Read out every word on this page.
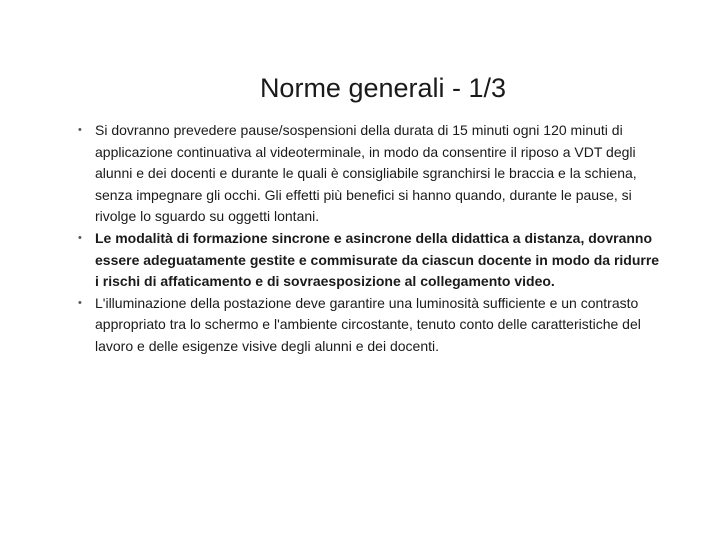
Norme generali - 1/3
• Si dovranno prevedere pause/sospensioni della durata di 15 minuti ogni 120 minuti di applicazione continuativa al videoterminale, in modo da consentire il riposo a VDT degli alunni e dei docenti e durante le quali è consigliabile sgranchirsi le braccia e la schiena, senza impegnare gli occhi. Gli effetti più benefici si hanno quando, durante le pause, si rivolge lo sguardo su oggetti lontani.
• Le modalità di formazione sincrone e asincrone della didattica a distanza, dovranno essere adeguatamente gestite e commisurate da ciascun docente in modo da ridurre i rischi di affaticamento e di sovraesposizione al collegamento video.
• L'illuminazione della postazione deve garantire una luminosità sufficiente e un contrasto appropriato tra lo schermo e l'ambiente circostante, tenuto conto delle caratteristiche del lavoro e delle esigenze visive degli alunni e dei docenti.
